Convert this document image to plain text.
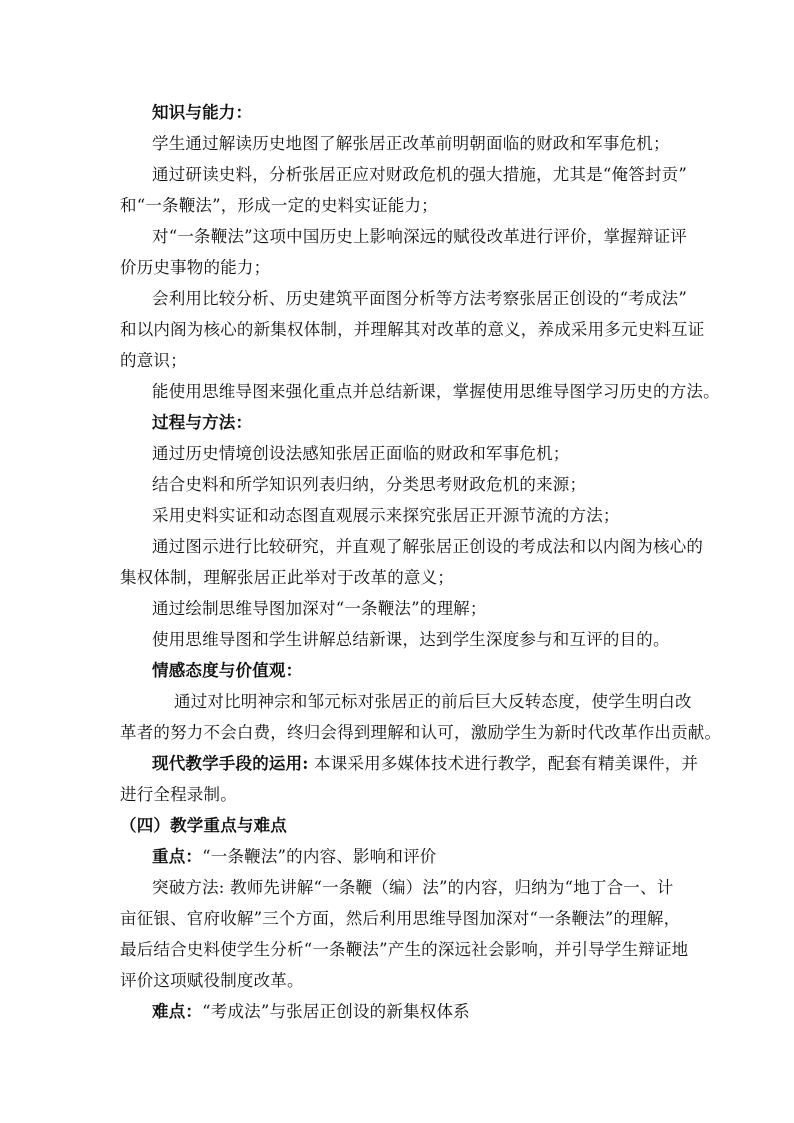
知识与能力：
学生通过解读历史地图了解张居正改革前明朝面临的财政和军事危机；
通过研读史料，分析张居正应对财政危机的强大措施，尤其是“俺答封贡”
和“一条鞭法”，形成一定的史料实证能力；
对“一条鞭法”这项中国历史上影响深远的赋役改革进行评价，掌握辩证评
价历史事物的能力；
会利用比较分析、历史建筑平面图分析等方法考察张居正创设的“考成法”
和以内阁为核心的新集权体制，并理解其对改革的意义，养成采用多元史料互证
的意识；
能使用思维导图来强化重点并总结新课，掌握使用思维导图学习历史的方法。
过程与方法：
通过历史情境创设法感知张居正面临的财政和军事危机；
结合史料和所学知识列表归纳，分类思考财政危机的来源；
采用史料实证和动态图直观展示来探究张居正开源节流的方法；
通过图示进行比较研究，并直观了解张居正创设的考成法和以内阁为核心的
集权体制，理解张居正此举对于改革的意义；
通过绘制思维导图加深对“一条鞭法”的理解；
使用思维导图和学生讲解总结新课，达到学生深度参与和互评的目的。
情感态度与价值观：
通过对比明神宗和邹元标对张居正的前后巨大反转态度，使学生明白改
革者的努力不会白费，终归会得到理解和认可，激励学生为新时代改革作出贡献。
现代教学手段的运用: 本课采用多媒体技术进行教学，配套有精美课件，并
进行全程录制。
（四）教学重点与难点
重点：“一条鞭法”的内容、影响和评价
突破方法: 教师先讲解“一条鞭（编）法”的内容，归纳为“地丁合一、计
亩征银、官府收解”三个方面，然后利用思维导图加深对“一条鞭法”的理解，
最后结合史料使学生分析“一条鞭法”产生的深远社会影响，并引导学生辩证地
评价这项赋役制度改革。
难点：“考成法”与张居正创设的新集权体系
